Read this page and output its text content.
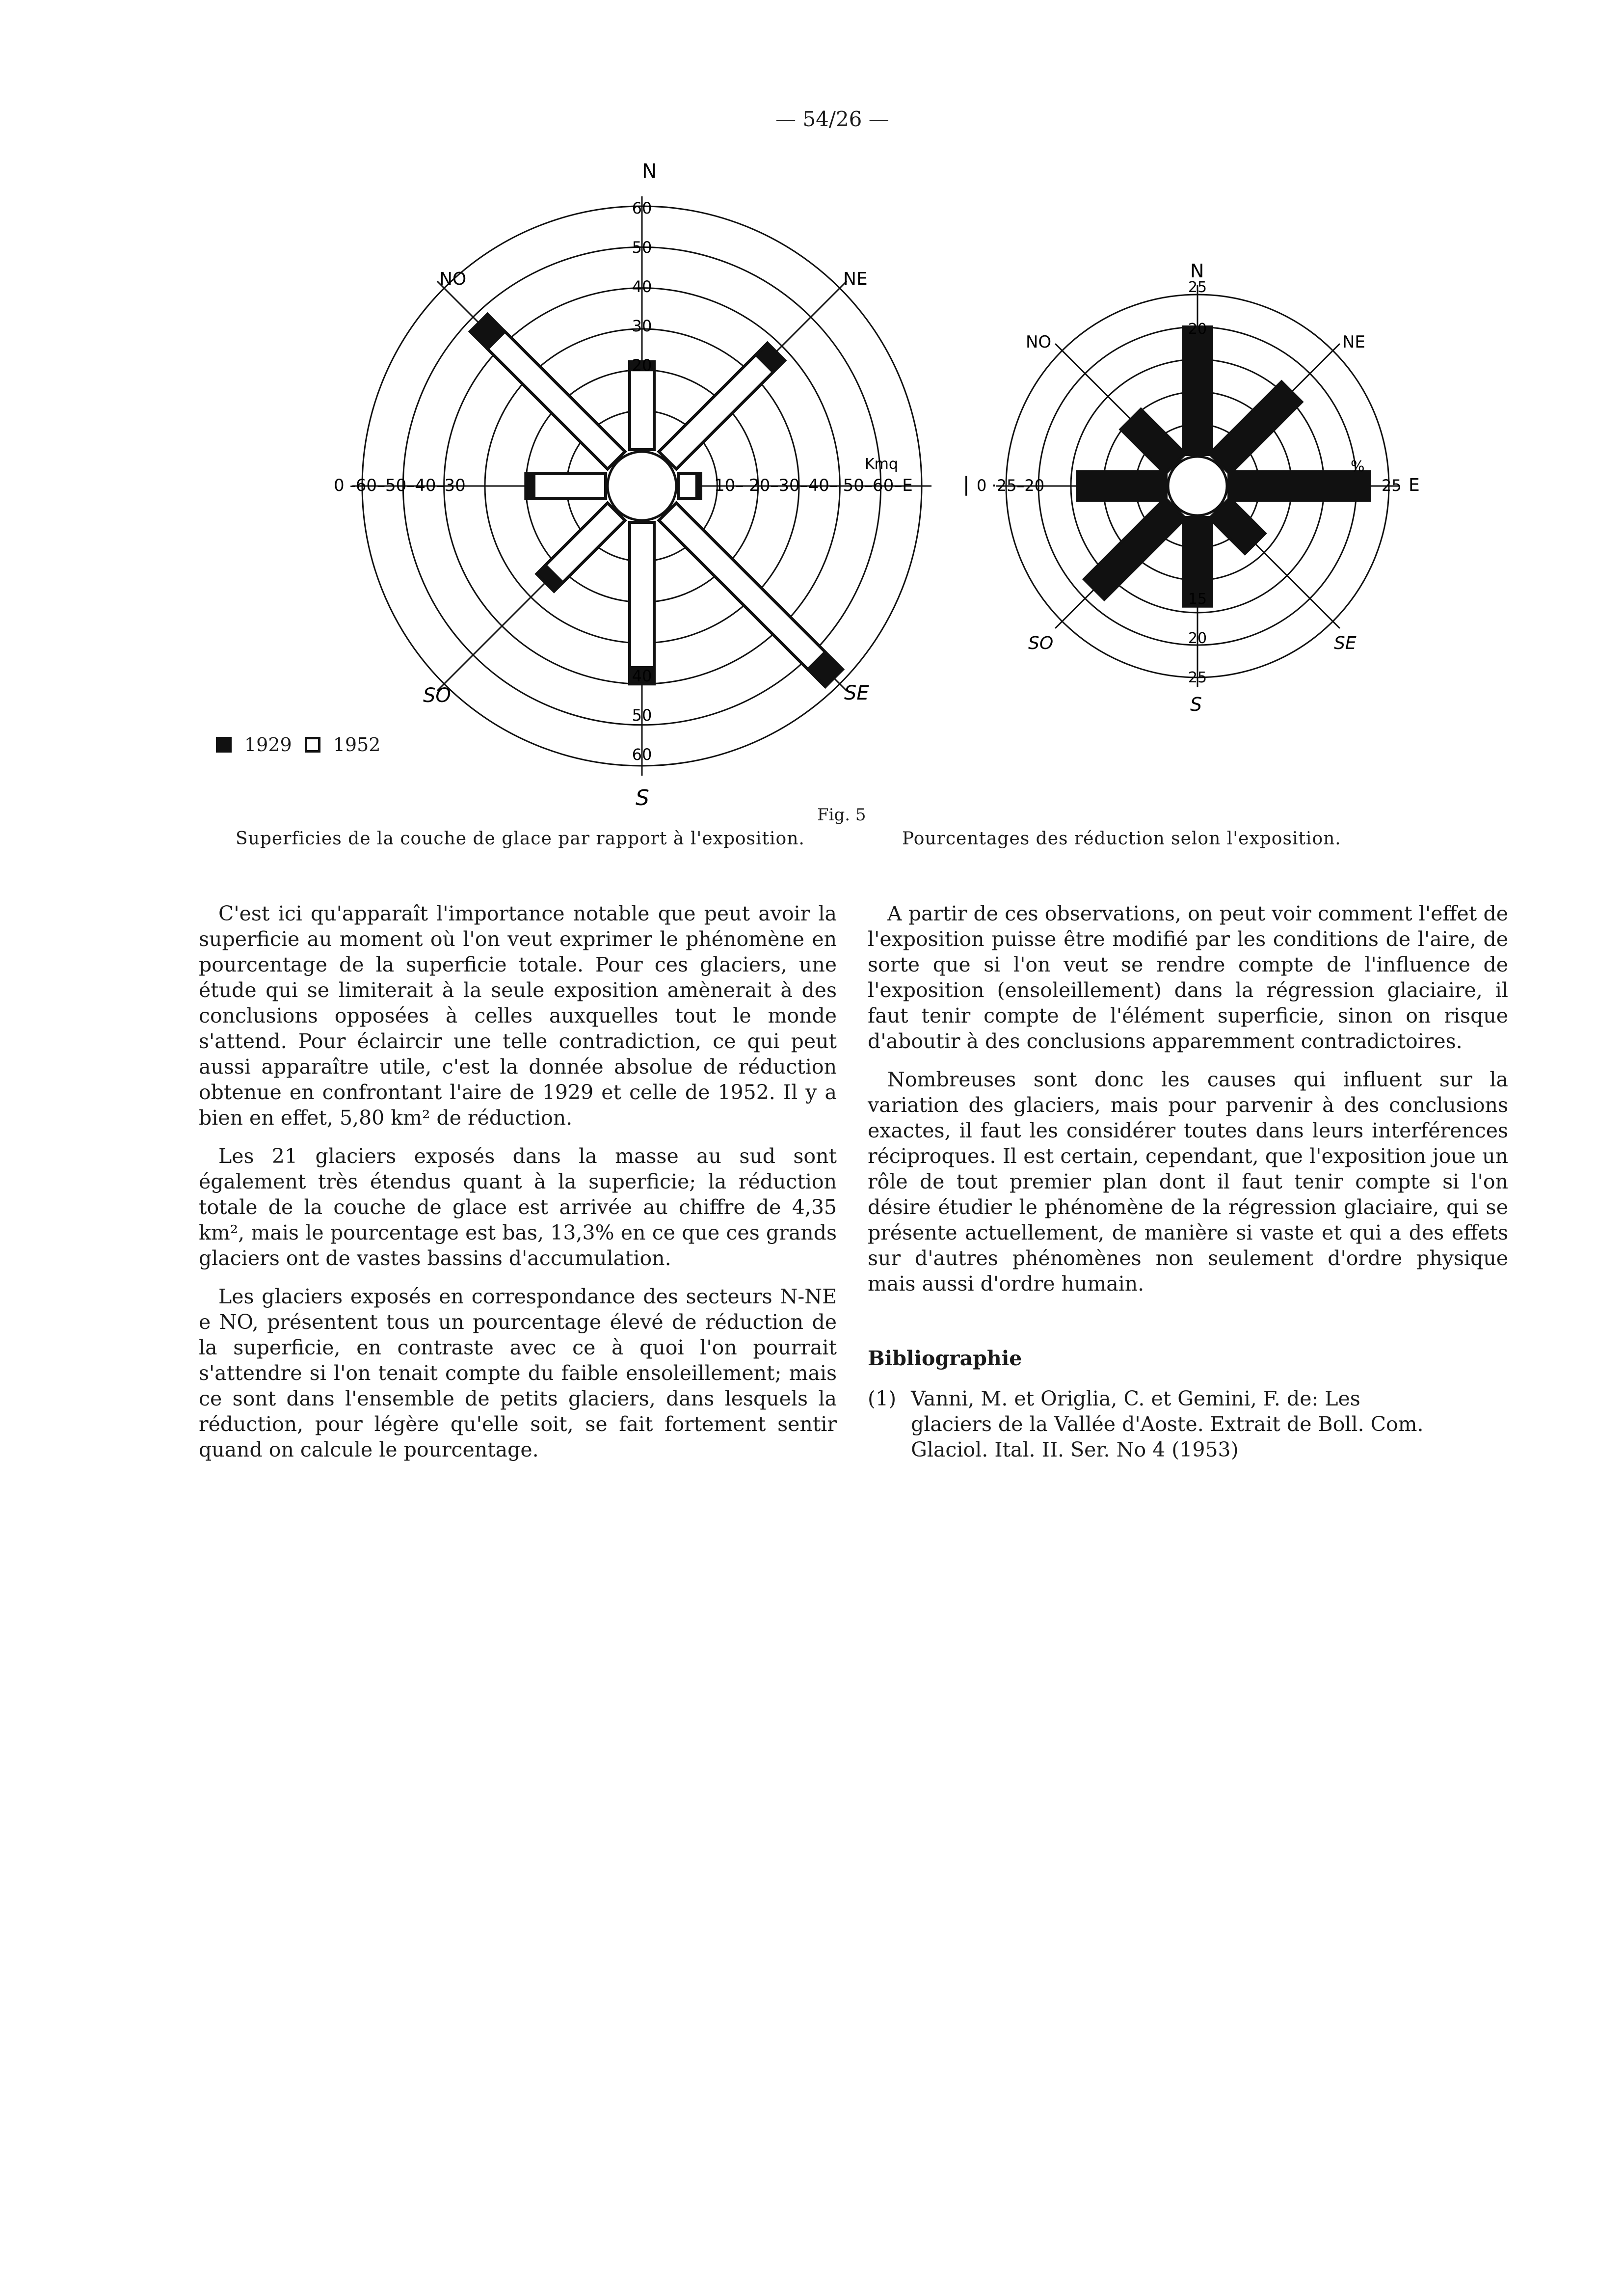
— 54/26 —
N
S
NO	NE
SO	SE
0 -60–50–40–30	10– 20–30–40– 50–60–E
Kmq
|
N
S
NO	NE
SO	SE
0 ·25–20	25 E
%
60
50
40
30
20
40
50
60
25
20
15
20
25
1929 1952
Fig. 5
Superficies de la couche de glace par rapport à l'exposition.	Pourcentages des réduction selon l'exposition.

C'est ici qu'apparaît l'importance notable que peut avoir la superficie au moment où l'on veut exprimer le phénomène en pourcentage de la superficie totale. Pour ces glaciers, une étude qui se limiterait à la seule exposition amènerait à des conclusions opposées à celles auxquelles tout le monde s'attend. Pour éclaircir une telle contradiction, ce qui peut aussi apparaître utile, c'est la donnée absolue de réduction obtenue en confrontant l'aire de 1929 et celle de 1952. Il y a bien en effet, 5,80 km² de réduction.

Les 21 glaciers exposés dans la masse au sud sont également très étendus quant à la superficie; la réduction totale de la couche de glace est arrivée au chiffre de 4,35 km², mais le pourcentage est bas, 13,3% en ce que ces grands glaciers ont de vastes bassins d'accumulation.

Les glaciers exposés en correspondance des secteurs N-NE e NO, présentent tous un pourcentage élevé de réduction de la superficie, en contraste avec ce à quoi l'on pourrait s'attendre si l'on tenait compte du faible ensoleillement; mais ce sont dans l'ensemble de petits glaciers, dans lesquels la réduction, pour légère qu'elle soit, se fait fortement sentir quand on calcule le pourcentage.

A partir de ces observations, on peut voir comment l'effet de l'exposition puisse être modifié par les conditions de l'aire, de sorte que si l'on veut se rendre compte de l'influence de l'exposition (ensoleillement) dans la régression glaciaire, il faut tenir compte de l'élément superficie, sinon on risque d'aboutir à des conclusions apparemment contradictoires.

Nombreuses sont donc les causes qui influent sur la variation des glaciers, mais pour parvenir à des conclusions exactes, il faut les considérer toutes dans leurs interférences réciproques. Il est certain, cependant, que l'exposition joue un rôle de tout premier plan dont il faut tenir compte si l'on désire étudier le phénomène de la régression glaciaire, qui se présente actuellement, de manière si vaste et qui a des effets sur d'autres phénomènes non seulement d'ordre physique mais aussi d'ordre humain.

Bibliographie
(1) Vanni, M. et Origlia, C. et Gemini, F. de: Les
glaciers de la Vallée d'Aoste. Extrait de Boll. Com.
Glaciol. Ital. II. Ser. No 4 (1953)
